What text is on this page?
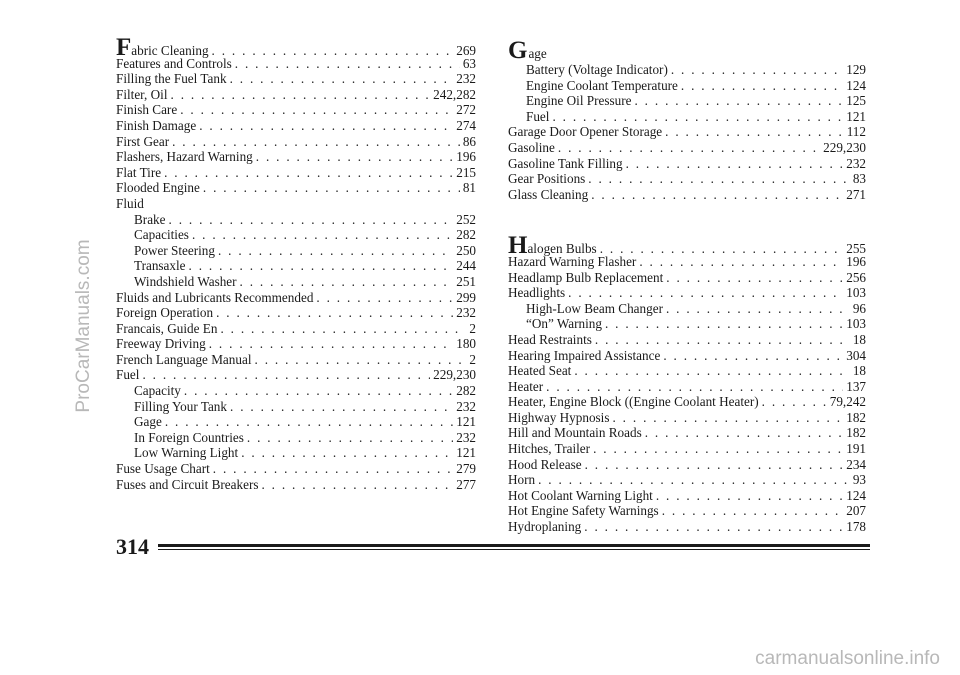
Fabric Cleaning . . .	269
Features and Controls . . .	63
Filling the Fuel Tank . . .	232
Filter, Oil . . .	242,282
Finish Care . . .	272
Finish Damage . . .	274
First Gear . . .	86
Flashers, Hazard Warning . . .	196
Flat Tire . . .	215
Flooded Engine . . .	81
Fluid
Brake . . .	252
Capacities . . .	282
Power Steering . . .	250
Transaxle . . .	244
Windshield Washer . . .	251
Fluids and Lubricants Recommended . . .	299
Foreign Operation . . .	232
Francais, Guide En . . .	2
Freeway Driving . . .	180
French Language Manual . . .	2
Fuel . . .	229,230
Capacity . . .	282
Filling Your Tank . . .	232
Gage . . .	121
In Foreign Countries . . .	232
Low Warning Light . . .	121
Fuse Usage Chart . . .	279
Fuses and Circuit Breakers . . .	277
G age
Battery (Voltage Indicator) . . .	129
Engine Coolant Temperature . . .	124
Engine Oil Pressure . . .	125
Fuel . . .	121
Garage Door Opener Storage . . .	112
Gasoline . . .	229,230
Gasoline Tank Filling . . .	232
Gear Positions . . .	83
Glass Cleaning . . .	271
Halogen Bulbs . . .	255
Hazard Warning Flasher . . .	196
Headlamp Bulb Replacement . . .	256
Headlights . . .	103
High-Low Beam Changer . . .	96
“On” Warning . . .	103
Head Restraints . . .	18
Hearing Impaired Assistance . . .	304
Heated Seat . . .	18
Heater . . .	137
Heater, Engine Block ((Engine Coolant Heater) . . .	79,242
Highway Hypnosis . . .	182
Hill and Mountain Roads . . .	182
Hitches, Trailer . . .	191
Hood Release . . .	234
Horn . . .	93
Hot Coolant Warning Light . . .	124
Hot Engine Safety Warnings . . .	207
Hydroplaning . . .	178
314
ProCarManuals.com
carmanualsonline.info
